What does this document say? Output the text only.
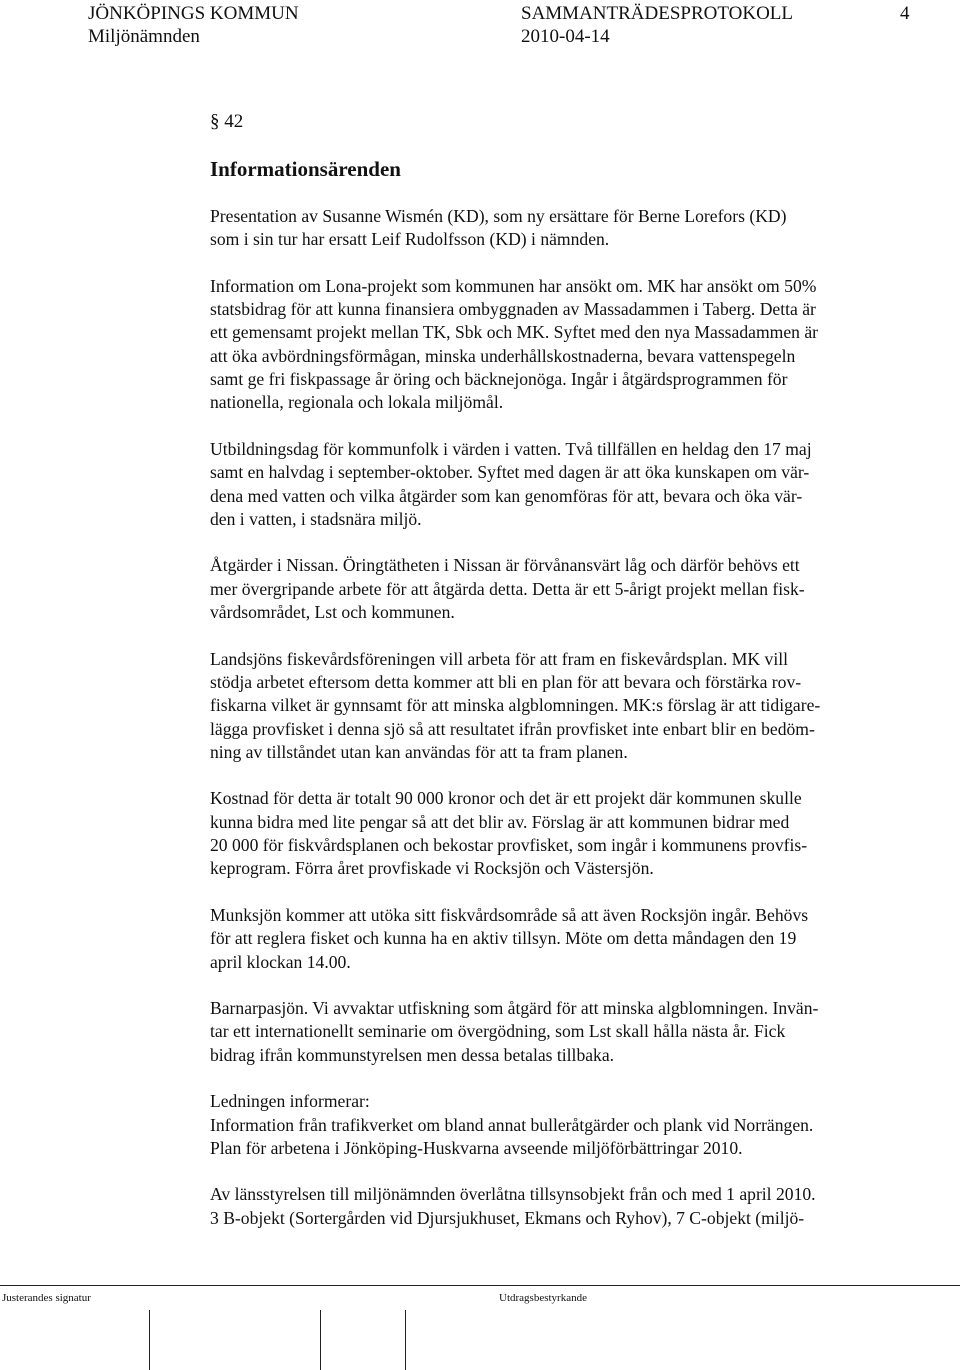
JÖNKÖPINGS KOMMUN	SAMMANTRÄDESPROTOKOLL	4
Miljönämnden	2010-04-14
§ 42
Informationsärenden
Presentation av Susanne Wismén (KD), som ny ersättare för Berne Lorefors (KD)
som i sin tur har ersatt Leif Rudolfsson (KD) i nämnden.
Information om Lona-projekt som kommunen har ansökt om. MK har ansökt om 50%
statsbidrag för att kunna finansiera ombyggnaden av Massadammen i Taberg. Detta är
ett gemensamt projekt mellan TK, Sbk och MK. Syftet med den nya Massadammen är
att öka avbördningsförmågan, minska underhållskostnaderna, bevara vattenspegeln
samt ge fri fiskpassage år öring och bäcknejonöga. Ingår i åtgärdsprogrammen för
nationella, regionala och lokala miljömål.
Utbildningsdag för kommunfolk i värden i vatten. Två tillfällen en heldag den 17 maj
samt en halvdag i september-oktober. Syftet med dagen är att öka kunskapen om vär-
dena med vatten och vilka åtgärder som kan genomföras för att, bevara och öka vär-
den i vatten, i stadsnära miljö.
Åtgärder i Nissan. Öringtätheten i Nissan är förvånansvärt låg och därför behövs ett
mer övergripande arbete för att åtgärda detta. Detta är ett 5-årigt projekt mellan fisk-
vårdsområdet, Lst och kommunen.
Landsjöns fiskevårdsföreningen vill arbeta för att fram en fiskevårdsplan. MK vill
stödja arbetet eftersom detta kommer att bli en plan för att bevara och förstärka rov-
fiskarna vilket är gynnsamt för att minska algblomningen. MK:s förslag är att tidigare-
lägga provfisket i denna sjö så att resultatet ifrån provfisket inte enbart blir en bedöm-
ning av tillståndet utan kan användas för att ta fram planen.
Kostnad för detta är totalt 90 000 kronor och det är ett projekt där kommunen skulle
kunna bidra med lite pengar så att det blir av. Förslag är att kommunen bidrar med
20 000 för fiskvårdsplanen och bekostar provfisket, som ingår i kommunens provfis-
keprogram. Förra året provfiskade vi Rocksjön och Västersjön.
Munksjön kommer att utöka sitt fiskvårdsområde så att även Rocksjön ingår. Behövs
för att reglera fisket och kunna ha en aktiv tillsyn. Möte om detta måndagen den 19
april klockan 14.00.
Barnarpasjön. Vi avvaktar utfiskning som åtgärd för att minska algblomningen. Invän-
tar ett internationellt seminarie om övergödning, som Lst skall hålla nästa år. Fick
bidrag ifrån kommunstyrelsen men dessa betalas tillbaka.
Ledningen informerar:
Information från trafikverket om bland annat bulleråtgärder och plank vid Norrängen.
Plan för arbetena i Jönköping-Huskvarna avseende miljöförbättringar 2010.
Av länsstyrelsen till miljönämnden överlåtna tillsynsobjekt från och med 1 april 2010.
3 B-objekt (Sortergården vid Djursjukhuset, Ekmans och Ryhov), 7 C-objekt (miljö-
Justerandes signatur	Utdragsbestyrkande
